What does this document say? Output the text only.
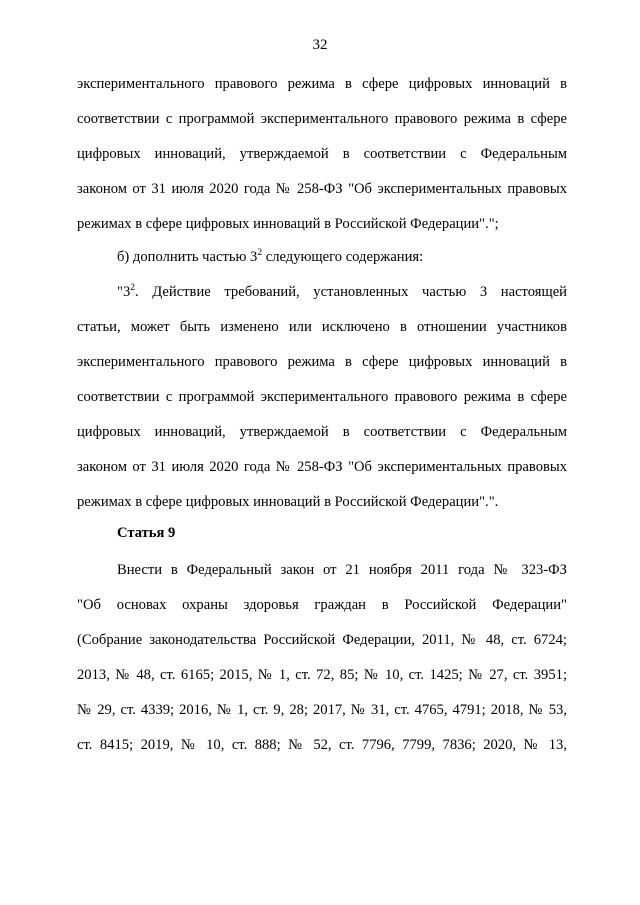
32
экспериментального правового режима в сфере цифровых инноваций в
соответствии с программой экспериментального правового режима в сфере
цифровых инноваций, утверждаемой в соответствии с Федеральным
законом от 31 июля 2020 года № 258-ФЗ "Об экспериментальных правовых
режимах в сфере цифровых инноваций в Российской Федерации".";

б) дополнить частью $3^2$ следующего содержания:

"$3^2$. Действие требований, установленных частью 3 настоящей
статьи, может быть изменено или исключено в отношении участников
экспериментального правового режима в сфере цифровых инноваций в
соответствии с программой экспериментального правового режима в сфере
цифровых инноваций, утверждаемой в соответствии с Федеральным
законом от 31 июля 2020 года № 258-ФЗ "Об экспериментальных правовых
режимах в сфере цифровых инноваций в Российской Федерации".".
Статья 9
Внести в Федеральный закон от 21 ноября 2011 года № 323-ФЗ
"Об основах охраны здоровья граждан в Российской Федерации"
(Собрание законодательства Российской Федерации, 2011, № 48, ст. 6724;
2013, № 48, ст. 6165; 2015, № 1, ст. 72, 85; № 10, ст. 1425; № 27, ст. 3951;
№ 29, ст. 4339; 2016, № 1, ст. 9, 28; 2017, № 31, ст. 4765, 4791; 2018, № 53,
ст. 8415; 2019, № 10, ст. 888; № 52, ст. 7796, 7799, 7836; 2020, № 13,
